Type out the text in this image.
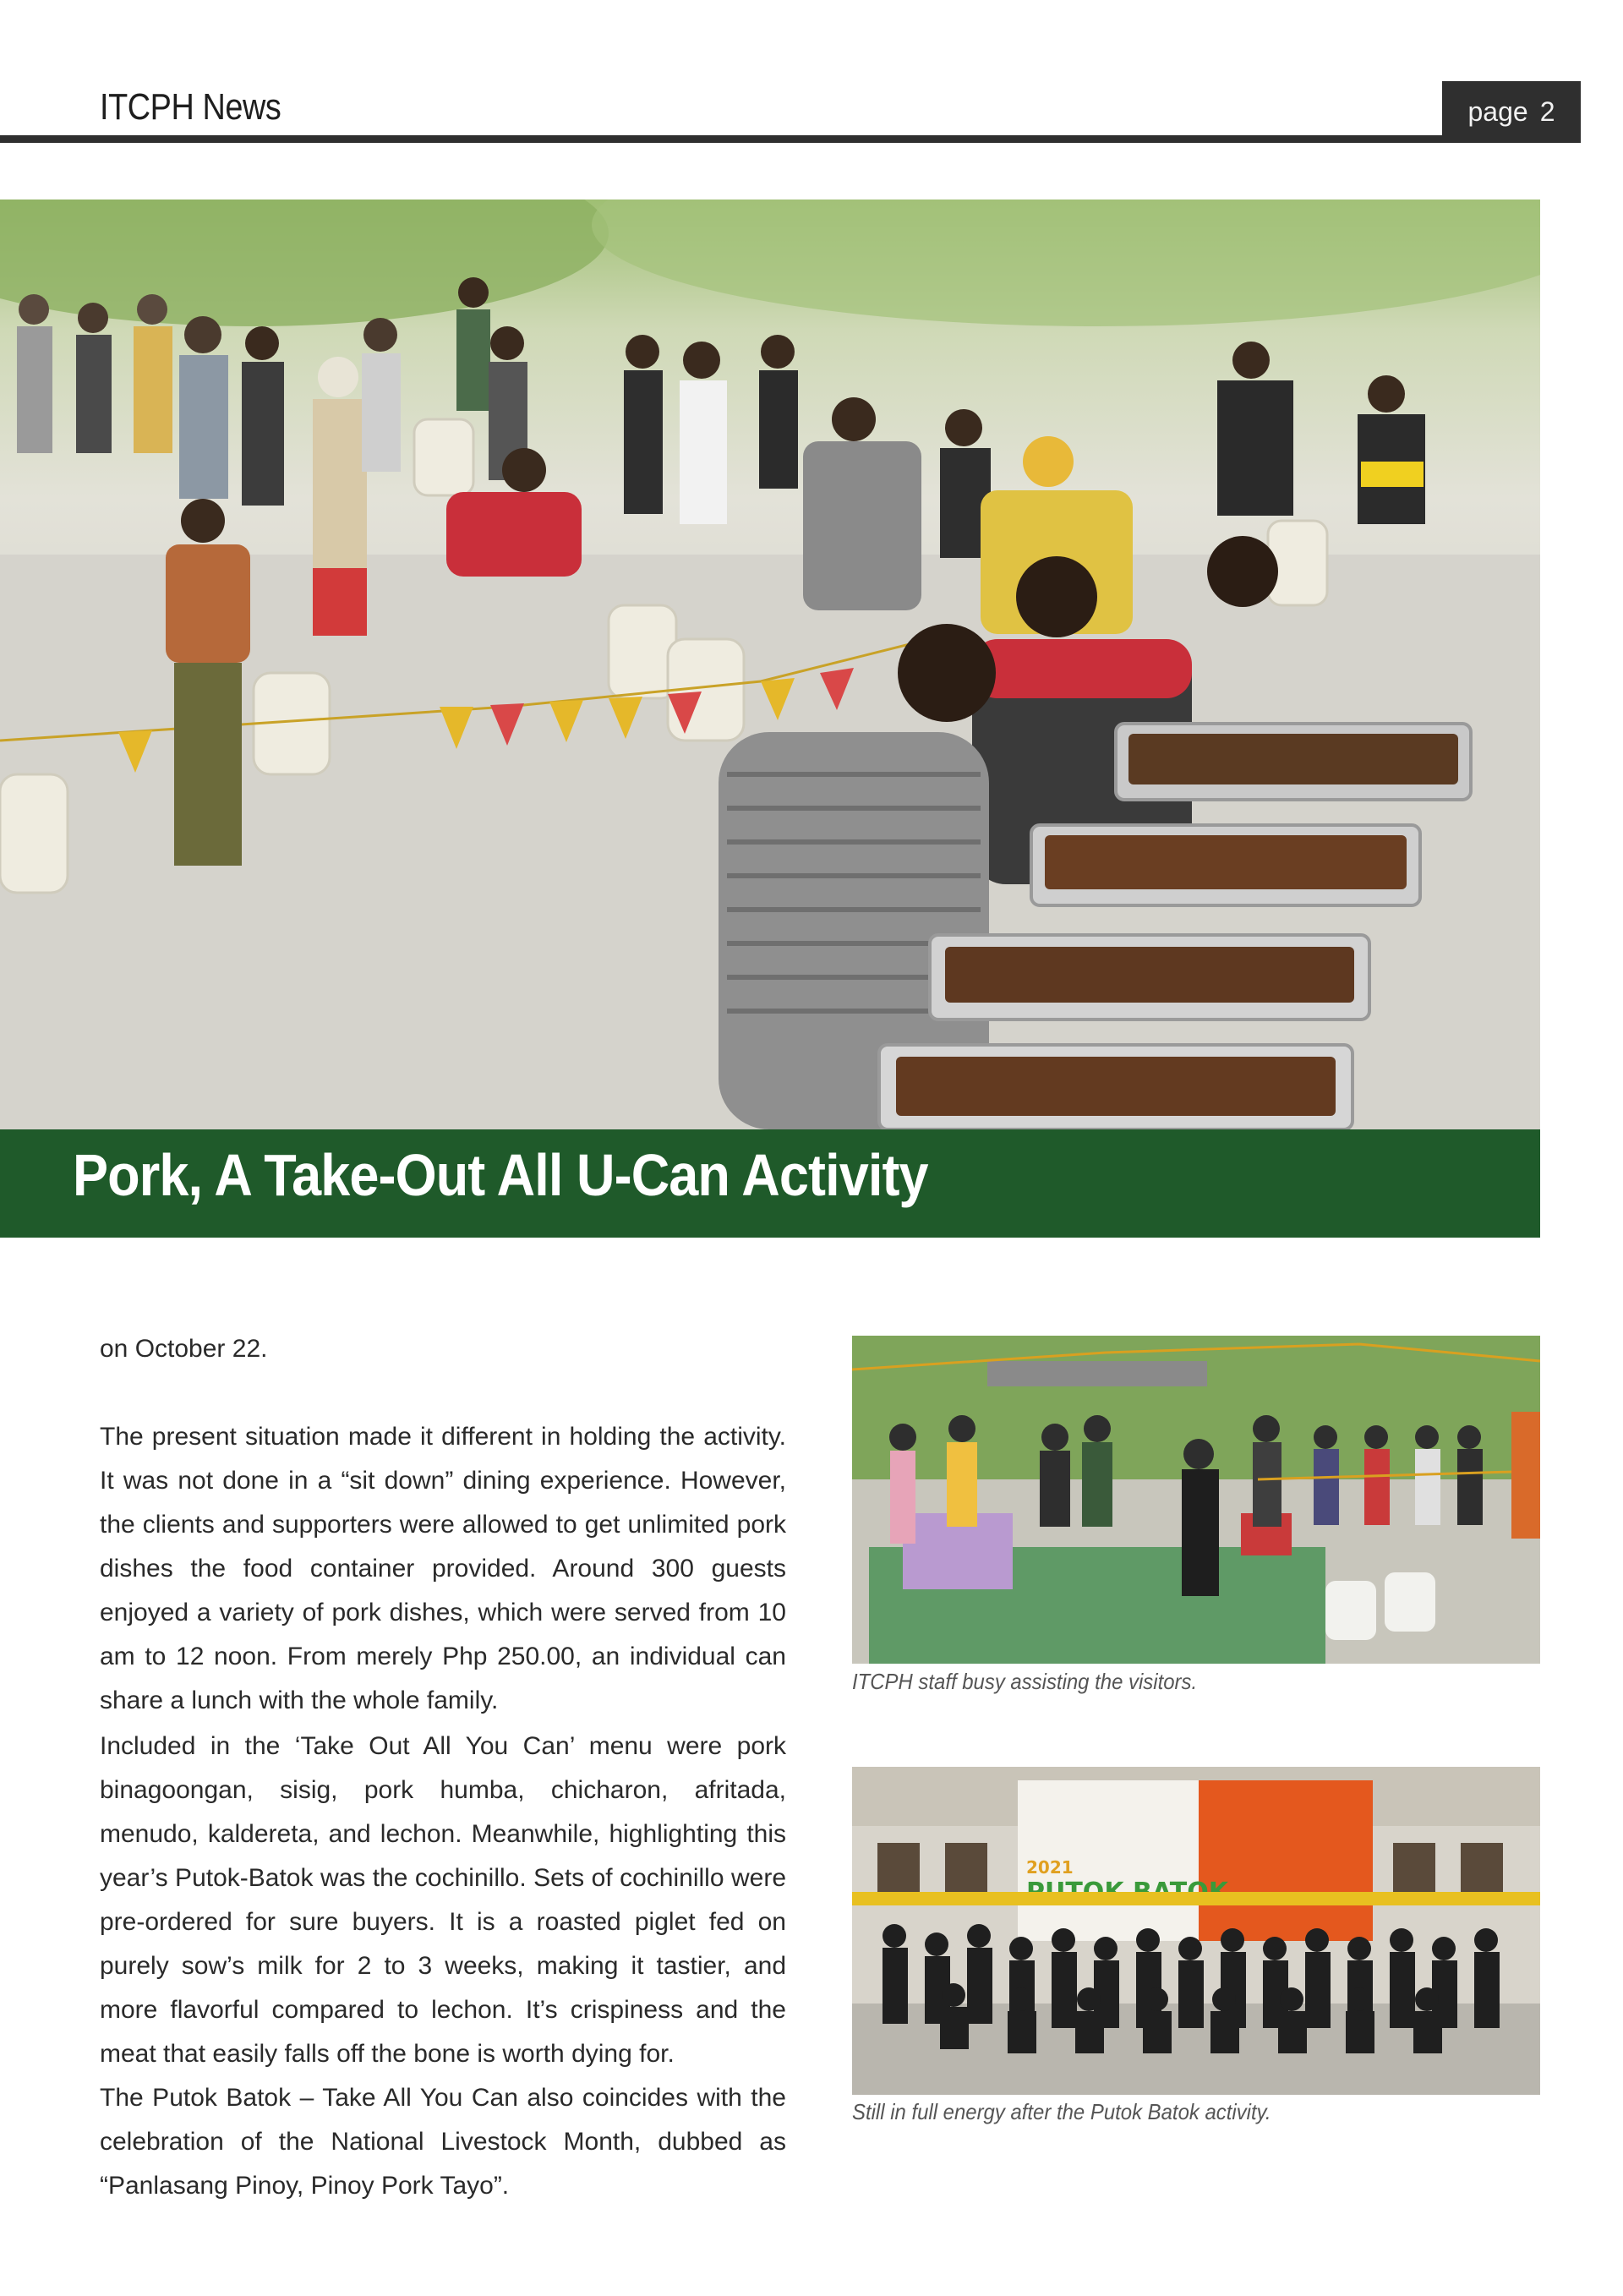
ITCPH News	page 2
Pork, A Take-Out All U-Can Activity

on October 22.

The present situation made it different in holding the activity. It was not done in a “sit down” dining experience. However, the clients and supporters were allowed to get unlimited pork dishes the food container provided. Around 300 guests enjoyed a variety of pork dishes, which were served from 10 am to 12 noon. From merely Php 250.00, an individual can share a lunch with the whole family.

Included in the ‘Take Out All You Can’ menu were pork binagoongan, sisig, pork humba, chicharon, afritada, menudo, kaldereta, and lechon. Meanwhile, highlighting this year’s Putok-Batok was the cochinillo. Sets of cochinillo were pre-ordered for sure buyers. It is a roasted piglet fed on purely sow’s milk for 2 to 3 weeks, making it tastier, and more flavorful compared to lechon. It’s crispiness and the meat that easily falls off the bone is worth dying for.

The Putok Batok – Take All You Can also coincides with the celebration of the National Livestock Month, dubbed as “Panlasang Pinoy, Pinoy Pork Tayo”.

ITCPH staff busy assisting the visitors.
2021
Still in full energy after the Putok Batok activity.
